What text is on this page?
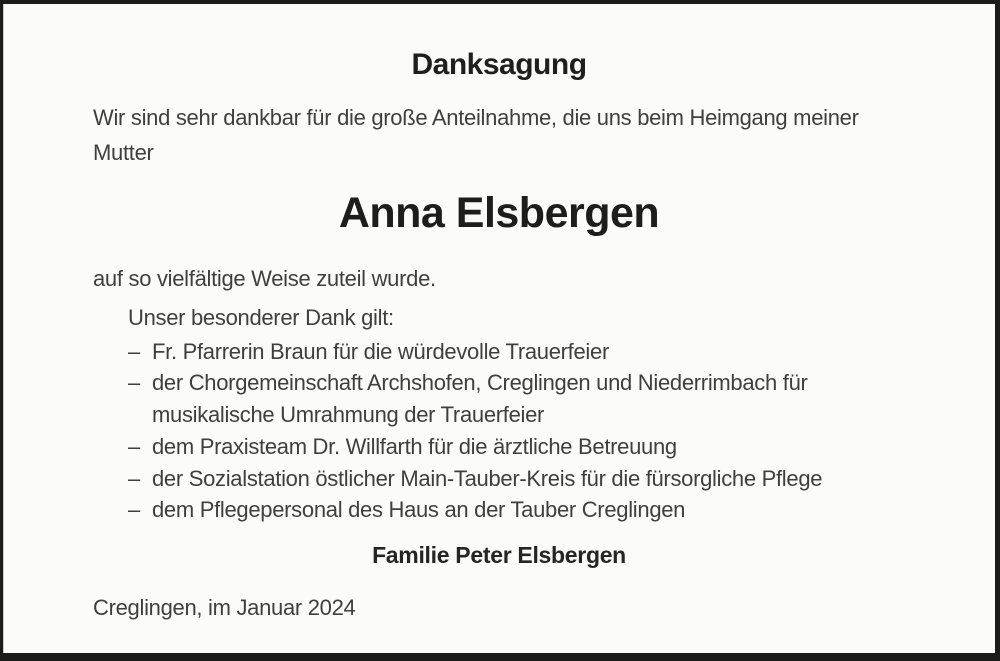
Danksagung

Wir sind sehr dankbar für die große Anteilnahme, die uns beim Heimgang meiner Mutter

Anna Elsbergen

auf so vielfältige Weise zuteil wurde.

Unser besonderer Dank gilt:
– Fr. Pfarrerin Braun für die würdevolle Trauerfeier
– der Chorgemeinschaft Archshofen, Creglingen und Niederrimbach für musikalische Umrahmung der Trauerfeier
– dem Praxisteam Dr. Willfarth für die ärztliche Betreuung
– der Sozialstation östlicher Main-Tauber-Kreis für die fürsorgliche Pflege
– dem Pflegepersonal des Haus an der Tauber Creglingen
Familie Peter Elsbergen
Creglingen, im Januar 2024
